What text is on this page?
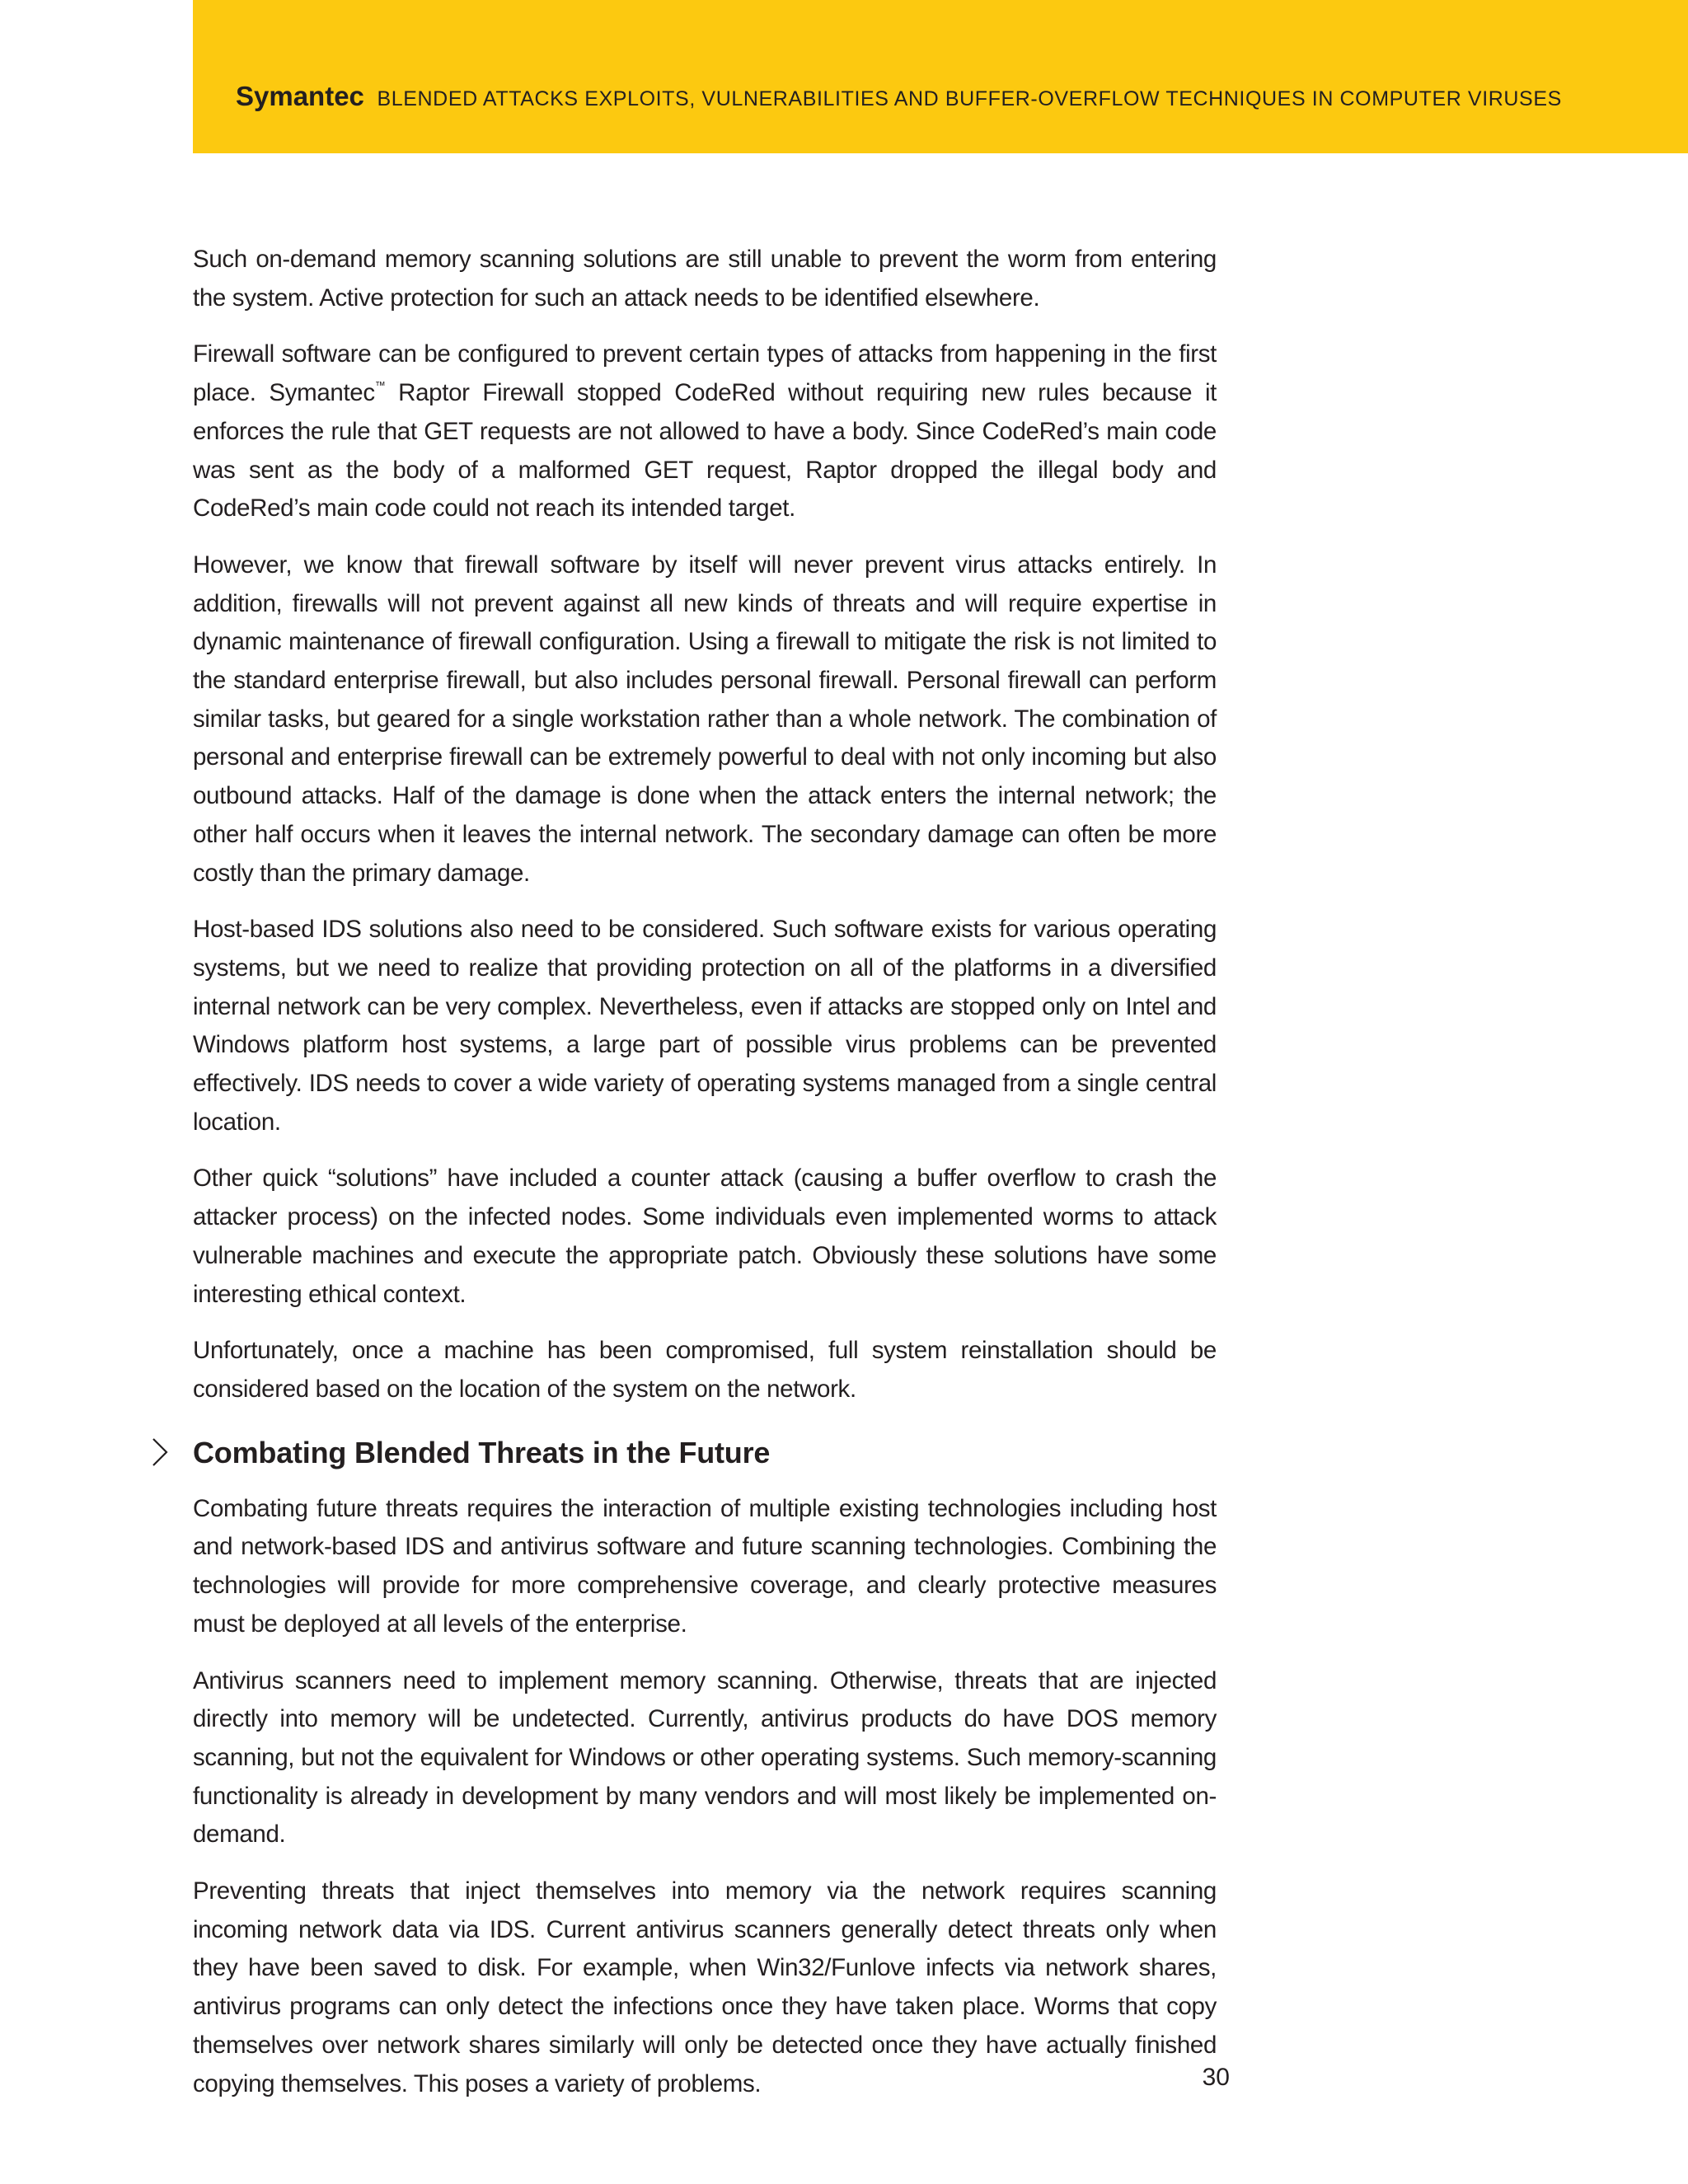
Symantec BLENDED ATTACKS EXPLOITS, VULNERABILITIES AND BUFFER-OVERFLOW TECHNIQUES IN COMPUTER VIRUSES

Such on-demand memory scanning solutions are still unable to prevent the worm from entering the system. Active protection for such an attack needs to be identified elsewhere.

Firewall software can be configured to prevent certain types of attacks from happening in the first place. Symantec™ Raptor Firewall stopped CodeRed without requiring new rules because it enforces the rule that GET requests are not allowed to have a body. Since CodeRed’s main code was sent as the body of a malformed GET request, Raptor dropped the illegal body and CodeRed’s main code could not reach its intended target.

However, we know that firewall software by itself will never prevent virus attacks entirely. In addition, firewalls will not prevent against all new kinds of threats and will require expertise in dynamic maintenance of firewall configuration. Using a firewall to mitigate the risk is not limited to the standard enterprise firewall, but also includes personal firewall. Personal firewall can perform similar tasks, but geared for a single workstation rather than a whole network. The combination of personal and enterprise firewall can be extremely powerful to deal with not only incoming but also outbound attacks. Half of the damage is done when the attack enters the internal network; the other half occurs when it leaves the internal network. The secondary damage can often be more costly than the primary damage.

Host-based IDS solutions also need to be considered. Such software exists for various operating systems, but we need to realize that providing protection on all of the platforms in a diversified internal network can be very complex. Nevertheless, even if attacks are stopped only on Intel and Windows platform host systems, a large part of possible virus problems can be prevented effectively. IDS needs to cover a wide variety of operating systems managed from a single central location.

Other quick “solutions” have included a counter attack (causing a buffer overflow to crash the attacker process) on the infected nodes. Some individuals even implemented worms to attack vulnerable machines and execute the appropriate patch. Obviously these solutions have some interesting ethical context.

Unfortunately, once a machine has been compromised, full system reinstallation should be considered based on the location of the system on the network.

Combating Blended Threats in the Future

Combating future threats requires the interaction of multiple existing technologies including host and network-based IDS and antivirus software and future scanning technologies. Combining the technologies will provide for more comprehensive coverage, and clearly protective measures must be deployed at all levels of the enterprise.

Antivirus scanners need to implement memory scanning. Otherwise, threats that are injected directly into memory will be undetected. Currently, antivirus products do have DOS memory scanning, but not the equivalent for Windows or other operating systems. Such memory-scanning functionality is already in development by many vendors and will most likely be implemented on-demand.

Preventing threats that inject themselves into memory via the network requires scanning incoming network data via IDS. Current antivirus scanners generally detect threats only when they have been saved to disk. For example, when Win32/Funlove infects via network shares, antivirus programs can only detect the infections once they have taken place. Worms that copy themselves over network shares similarly will only be detected once they have actually finished copying themselves. This poses a variety of problems.	30
